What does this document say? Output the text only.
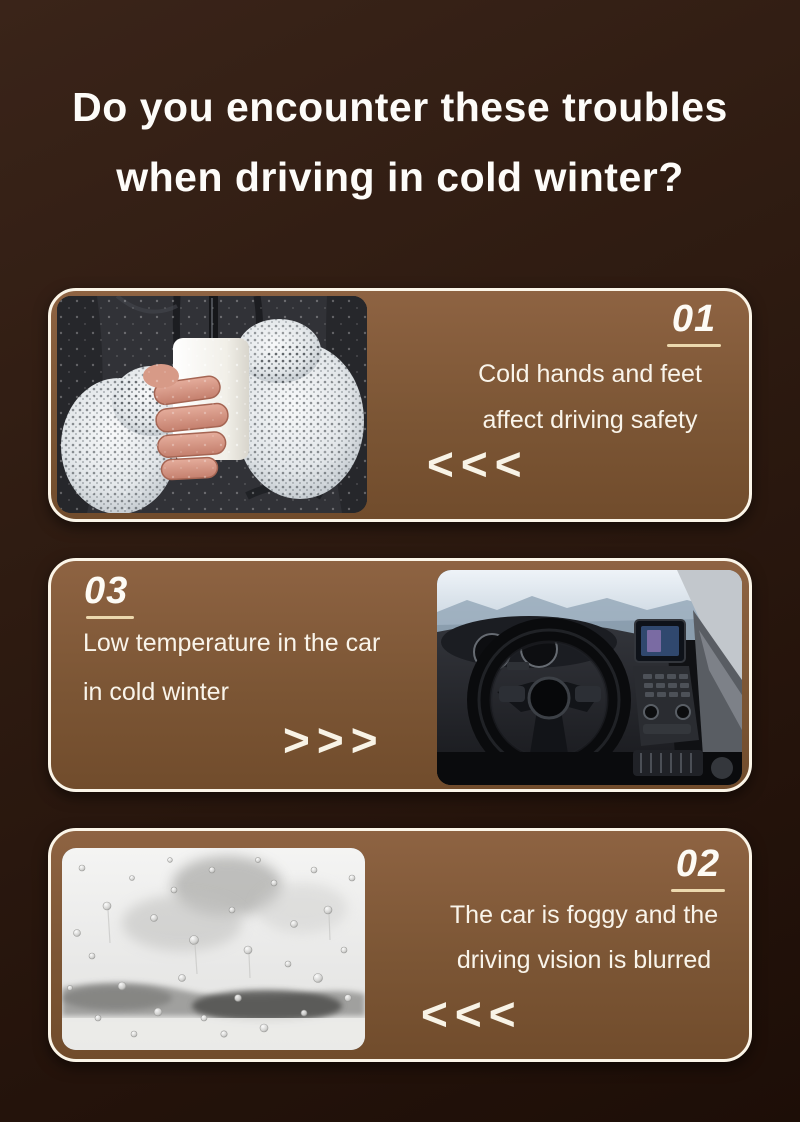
Do you encounter these troubles
when driving in cold winter?
01
Cold hands and feet
affect driving safety
<<<
03
Low temperature in the car
in cold winter
>>>
02
The car is foggy and the
driving vision is blurred
<<<
